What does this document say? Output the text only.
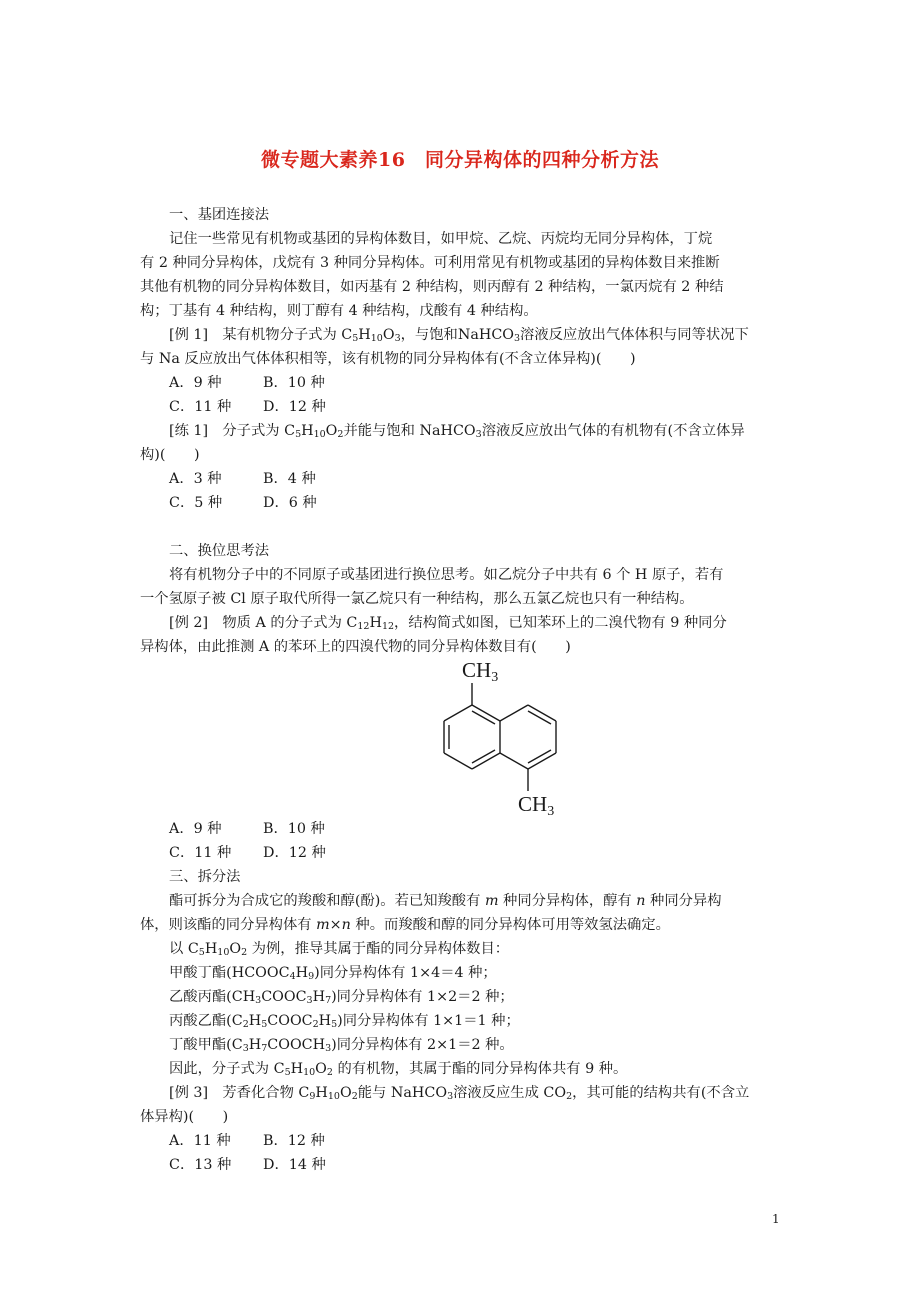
微专题大素养16　同分异构体的四种分析方法
一、基团连接法
记住一些常见有机物或基团的异构体数目，如甲烷、乙烷、丙烷均无同分异构体，丁烷
有 2 种同分异构体，戊烷有 3 种同分异构体。可利用常见有机物或基团的异构体数目来推断
其他有机物的同分异构体数目，如丙基有 2 种结构，则丙醇有 2 种结构，一氯丙烷有 2 种结
构；丁基有 4 种结构，则丁醇有 4 种结构，戊酸有 4 种结构。
[例 1]　 某有机物分子式为 $C_5H_{10}O_3$，与饱和NaHCO$_3$溶液反应放出气体体积与同等状况下
与 Na 反应放出气体体积相等，该有机物的同分异构体有(不含立体异构)(　　)
A．9 种	B．10 种
C．11 种 D．12 种
[练 1]　 分子式为 $C_5H_{10}O_2$并能与饱和 NaHCO$_3$溶液反应放出气体的有机物有(不含立体异
构)(　　)
A．3 种	B．4 种
C．5 种	D．6 种
二、换位思考法
将有机物分子中的不同原子或基团进行换位思考。如乙烷分子中共有 6 个 H 原子，若有
一个氢原子被 Cl 原子取代所得一氯乙烷只有一种结构，那么五氯乙烷也只有一种结构。
[例 2]　 物质 A 的分子式为 $C_{12}H_{12}$，结构简式如图，已知苯环上的二溴代物有 9 种同分
异构体，由此推测 A 的苯环上的四溴代物的同分异构体数目有(　　)
CH3
CH3
A．9 种	B．10 种
C．11 种 D．12 种
三、拆分法
酯可拆分为合成它的羧酸和醇(酚)。若已知羧酸有 m 种同分异构体，醇有 n 种同分异构
体，则该酯的同分异构体有 m×n 种。而羧酸和醇的同分异构体可用等效氢法确定。
以 $C_5H_{10}O_2$ 为例，推导其属于酯的同分异构体数目：
甲酸丁酯$(HCOOC_4H_9)$同分异构体有 1×4＝4 种；
乙酸丙酯$(CH_3COOC_3H_7)$同分异构体有 1×2＝2 种；
丙酸乙酯$(C_2H_5COOC_2H_5)$同分异构体有 1×1＝1 种；
丁酸甲酯$(C_3H_7COOCH_3)$同分异构体有 2×1＝2 种。
因此，分子式为 $C_5H_{10}O_2$ 的有机物，其属于酯的同分异构体共有 9 种。
[例 3]　 芳香化合物 $C_9H_{10}O_2$能与 NaHCO$_3$溶液反应生成 $CO_2$，其可能的结构共有(不含立
体异构)(　　)
A．11 种 B．12 种
C．13 种 D．14 种
1
